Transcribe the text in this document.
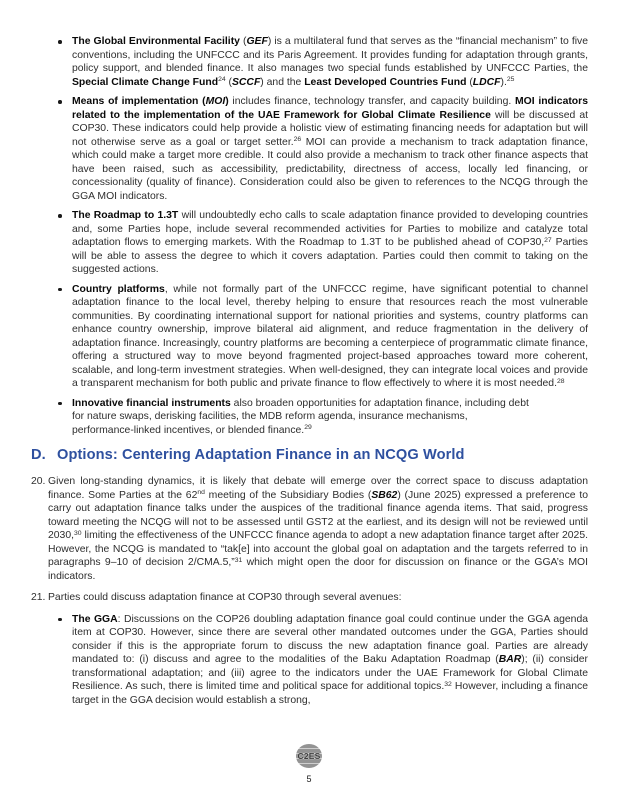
The Global Environmental Facility (GEF) is a multilateral fund that serves as the “financial mechanism” to five conventions, including the UNFCCC and its Paris Agreement. It provides funding for adaptation through grants, policy support, and blended finance. It also manages two special funds established by UNFCCC Parties, the Special Climate Change Fund$^{24}$ (SCCF) and the Least Developed Countries Fund (LDCF).$^{25}$
Means of implementation (MOI) includes finance, technology transfer, and capacity building. MOI indicators related to the implementation of the UAE Framework for Global Climate Resilience will be discussed at COP30. These indicators could help provide a holistic view of estimating financing needs for adaptation but will not otherwise serve as a goal or target setter.$^{26}$ MOI can provide a mechanism to track adaptation finance, which could make a target more credible. It could also provide a mechanism to track other finance aspects that have been raised, such as accessibility, predictability, directness of access, locally led financing, or concessionality (quality of finance). Consideration could also be given to references to the NCQG through the GGA MOI indicators.
The Roadmap to 1.3T will undoubtedly echo calls to scale adaptation finance provided to developing countries and, some Parties hope, include several recommended activities for Parties to mobilize and catalyze total adaptation flows to emerging markets. With the Roadmap to 1.3T to be published ahead of COP30,27 Parties will be able to assess the degree to which it covers adaptation. Parties could then commit to taking on the suggested actions.
Country platforms, while not formally part of the UNFCCC regime, have significant potential to channel adaptation finance to the local level, thereby helping to ensure that resources reach the most vulnerable communities. By coordinating international support for national priorities and systems, country platforms can enhance country ownership, improve bilateral aid alignment, and reduce fragmentation in the delivery of adaptation finance. Increasingly, country platforms are becoming a centerpiece of programmatic climate finance, offering a structured way to move beyond fragmented project-based approaches toward more coherent, scalable, and long-term investment strategies. When well-designed, they can integrate local voices and provide a transparent mechanism for both public and private finance to flow effectively to where it is most needed.$^{28}$
Innovative financial instruments also broaden opportunities for adaptation finance, including debt
for nature swaps, derisking facilities, the MDB reform agenda, insurance mechanisms,
performance-linked incentives, or blended finance.$^{29}$
D. Options: Centering Adaptation Finance in an NCQG World
20. Given long-standing dynamics, it is likely that debate will emerge over the correct space to discuss adaptation finance. Some Parties at the 62nd meeting of the Subsidiary Bodies (SB62) (June 2025) expressed a preference to carry out adaptation finance talks under the auspices of the traditional finance agenda items. That said, progress toward meeting the NCQG will not to be assessed until GST2 at the earliest, and its design will not be reviewed until 2030,30 limiting the effectiveness of the UNFCCC finance agenda to adopt a new adaptation finance target after 2025. However, the NCQG is mandated to “tak[e] into account the global goal on adaptation and the targets referred to in paragraphs 9–10 of decision 2/CMA.5,”$^{31}$ which might open the door for discussion on finance or the GGA’s MOI indicators.
21. Parties could discuss adaptation finance at COP30 through several avenues:
The GGA: Discussions on the COP26 doubling adaptation finance goal could continue under the GGA agenda item at COP30. However, since there are several other mandated outcomes under the GGA, Parties should consider if this is the appropriate forum to discuss the new adaptation finance goal. Parties are already mandated to: (i) discuss and agree to the modalities of the Baku Adaptation Roadmap (BAR); (ii) consider transformational adaptation; and (iii) agree to the indicators under the UAE Framework for Global Climate Resilience. As such, there is limited time and political space for additional topics.$^{32}$ However, including a finance target in the GGA decision would establish a strong,
C2ES
5
